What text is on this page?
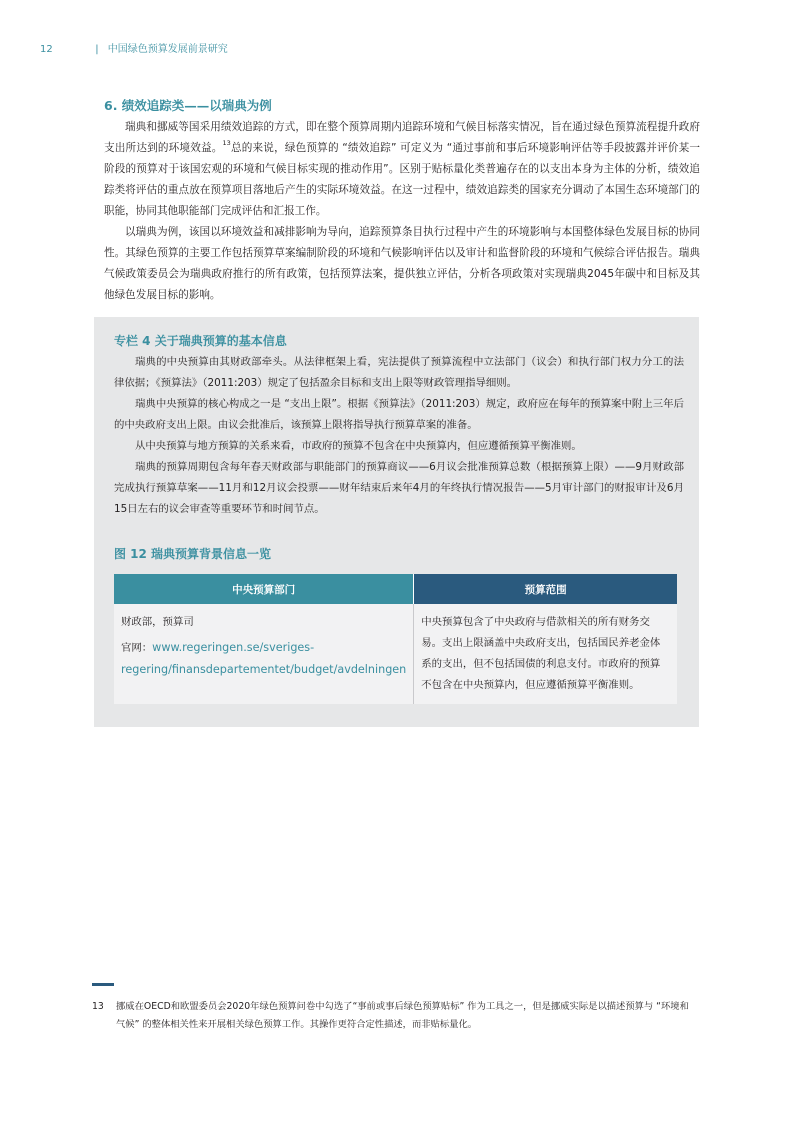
12	| 中国绿色预算发展前景研究
6. 绩效追踪类——以瑞典为例

瑞典和挪威等国采用绩效追踪的方式，即在整个预算周期内追踪环境和气候目标落实情况，旨在通过绿色预算流程提升政府支出所达到的环境效益。$^{13}$总的来说，绿色预算的 “绩效追踪” 可定义为 “通过事前和事后环境影响评估等手段披露并评价某一阶段的预算对于该国宏观的环境和气候目标实现的推动作用”。区别于贴标量化类普遍存在的以支出本身为主体的分析，绩效追踪类将评估的重点放在预算项目落地后产生的实际环境效益。在这一过程中，绩效追踪类的国家充分调动了本国生态环境部门的职能，协同其他职能部门完成评估和汇报工作。

以瑞典为例，该国以环境效益和减排影响为导向，追踪预算条目执行过程中产生的环境影响与本国整体绿色发展目标的协同性。其绿色预算的主要工作包括预算草案编制阶段的环境和气候影响评估以及审计和监督阶段的环境和气候综合评估报告。瑞典气候政策委员会为瑞典政府推行的所有政策，包括预算法案，提供独立评估，分析各项政策对实现瑞典2045年碳中和目标及其他绿色发展目标的影响。

专栏 4 关于瑞典预算的基本信息

瑞典的中央预算由其财政部牵头。从法律框架上看，宪法提供了预算流程中立法部门（议会）和执行部门权力分工的法律依据；《预算法》（2011:203）规定了包括盈余目标和支出上限等财政管理指导细则。

瑞典中央预算的核心构成之一是 “支出上限”。根据《预算法》（2011:203）规定，政府应在每年的预算案中附上三年后的中央政府支出上限。由议会批准后，该预算上限将指导执行预算草案的准备。

从中央预算与地方预算的关系来看，市政府的预算不包含在中央预算内，但应遵循预算平衡准则。

瑞典的预算周期包含每年春天财政部与职能部门的预算商议——6月议会批准预算总数（根据预算上限）——9月财政部完成执行预算草案——11月和12月议会投票——财年结束后来年4月的年终执行情况报告——5月审计部门的财报审计及6月15日左右的议会审查等重要环节和时间节点。

图 12 瑞典预算背景信息一览
中央预算部门	预算范围

财政部，预算司
官网：www.regeringen.se/sveriges-regering/finansdepartementet/budget/avdelningen	中央预算包含了中央政府与借款相关的所有财务交易。支出上限涵盖中央政府支出，包括国民养老金体系的支出，但不包括国债的利息支付。市政府的预算不包含在中央预算内，但应遵循预算平衡准则。
13 挪威在OECD和欧盟委员会2020年绿色预算问卷中勾选了“事前或事后绿色预算贴标” 作为工具之一，但是挪威实际是以描述预算与 “环境和气候” 的整体相关性来开展相关绿色预算工作。其操作更符合定性描述，而非贴标量化。
